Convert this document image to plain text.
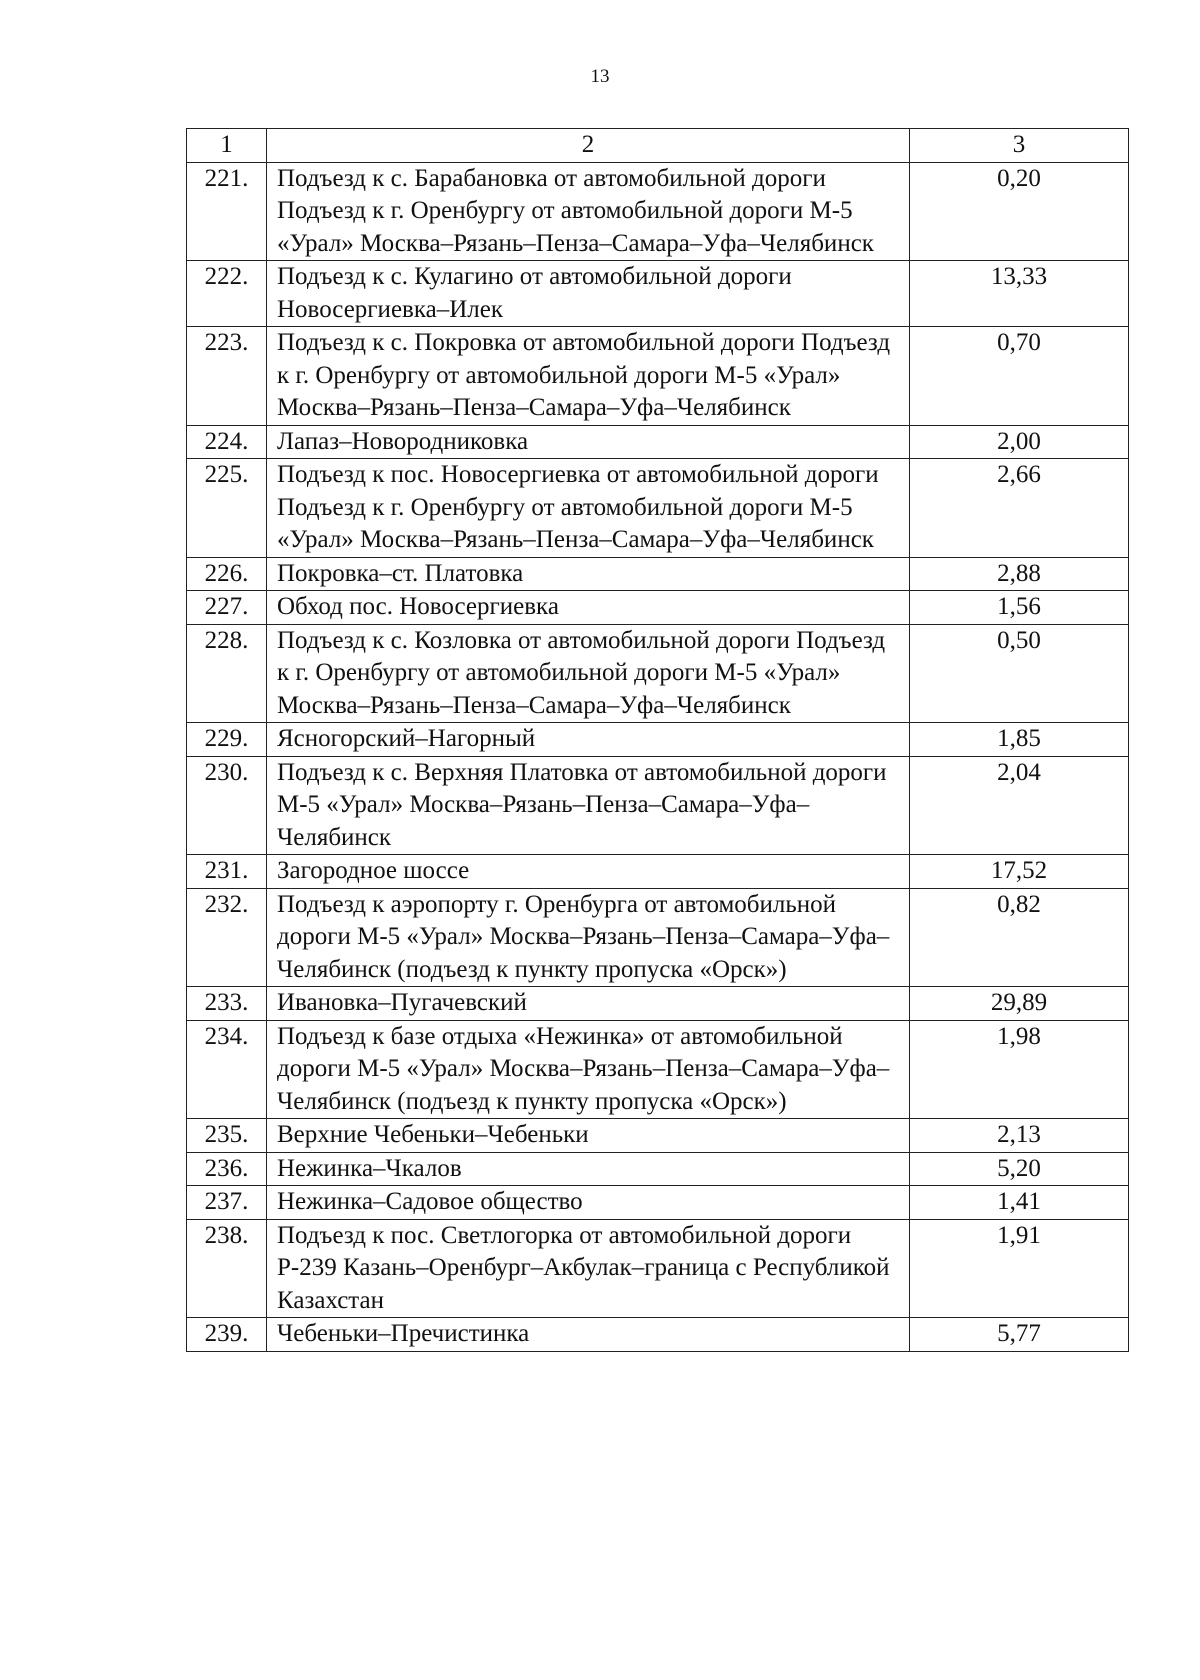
13
1	2	3
221.	Подъезд к с. Барабановка от автомобильной дороги Подъезд к г. Оренбургу от автомобильной дороги М-5 «Урал» Москва–Рязань–Пенза–Самара–Уфа–Челябинск	0,20
222.	Подъезд к с. Кулагино от автомобильной дороги Новосергиевка–Илек	13,33
223.	Подъезд к с. Покровка от автомобильной дороги Подъезд к г. Оренбургу от автомобильной дороги М-5 «Урал» Москва–Рязань–Пенза–Самара–Уфа–Челябинск	0,70
224.	Лапаз–Новородниковка	2,00
225.	Подъезд к пос. Новосергиевка от автомобильной дороги Подъезд к г. Оренбургу от автомобильной дороги М-5 «Урал» Москва–Рязань–Пенза–Самара–Уфа–Челябинск	2,66
226.	Покровка–ст. Платовка	2,88
227.	Обход пос. Новосергиевка	1,56
228.	Подъезд к с. Козловка от автомобильной дороги Подъезд к г. Оренбургу от автомобильной дороги М-5 «Урал» Москва–Рязань–Пенза–Самара–Уфа–Челябинск	0,50
229.	Ясногорский–Нагорный	1,85
230.	Подъезд к с. Верхняя Платовка от автомобильной дороги М-5 «Урал» Москва–Рязань–Пенза–Самара–Уфа–Челябинск	2,04
231.	Загородное шоссе	17,52
232.	Подъезд к аэропорту г. Оренбурга от автомобильной дороги М-5 «Урал» Москва–Рязань–Пенза–Самара–Уфа–Челябинск (подъезд к пункту пропуска «Орск»)	0,82
233.	Ивановка–Пугачевский	29,89
234.	Подъезд к базе отдыха «Нежинка» от автомобильной дороги М-5 «Урал» Москва–Рязань–Пенза–Самара–Уфа–Челябинск (подъезд к пункту пропуска «Орск»)	1,98
235.	Верхние Чебеньки–Чебеньки	2,13
236.	Нежинка–Чкалов	5,20
237.	Нежинка–Садовое общество	1,41
238.	Подъезд к пос. Светлогорка от автомобильной дороги Р-239 Казань–Оренбург–Акбулак–граница с Республикой Казахстан	1,91
239.	Чебеньки–Пречистинка	5,77
